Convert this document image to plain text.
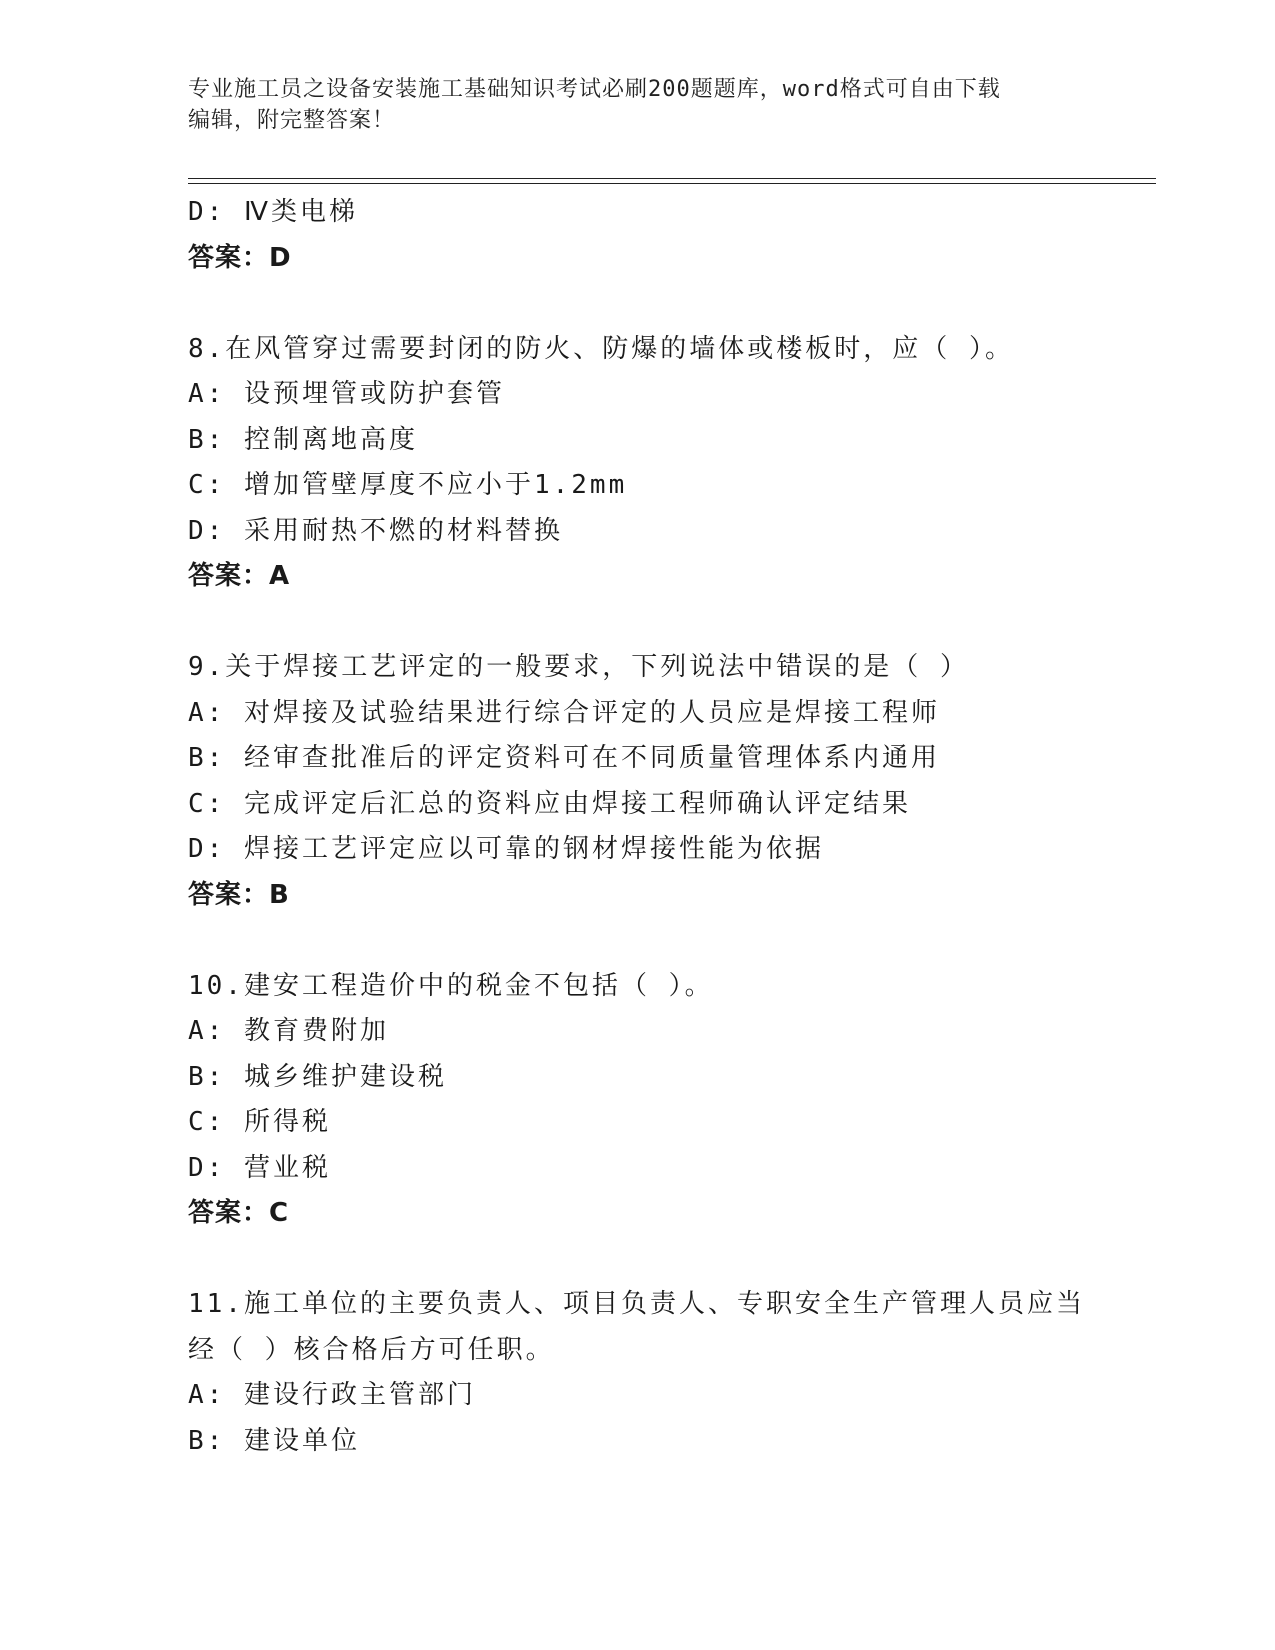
专业施工员之设备安装施工基础知识考试必刷200题题库，word格式可自由下载
编辑，附完整答案！
D: Ⅳ类电梯
答案：D
8.在风管穿过需要封闭的防火、防爆的墙体或楼板时，应（ ）。
A: 设预埋管或防护套管
B: 控制离地高度
C: 增加管壁厚度不应小于1.2mm
D: 采用耐热不燃的材料替换
答案：A
9.关于焊接工艺评定的一般要求，下列说法中错误的是（ ）
A: 对焊接及试验结果进行综合评定的人员应是焊接工程师
B: 经审查批准后的评定资料可在不同质量管理体系内通用
C: 完成评定后汇总的资料应由焊接工程师确认评定结果
D: 焊接工艺评定应以可靠的钢材焊接性能为依据
答案：B
10.建安工程造价中的税金不包括（ ）。
A: 教育费附加
B: 城乡维护建设税
C: 所得税
D: 营业税
答案：C
11.施工单位的主要负责人、项目负责人、专职安全生产管理人员应当
经（ ）核合格后方可任职。
A: 建设行政主管部门
B: 建设单位
